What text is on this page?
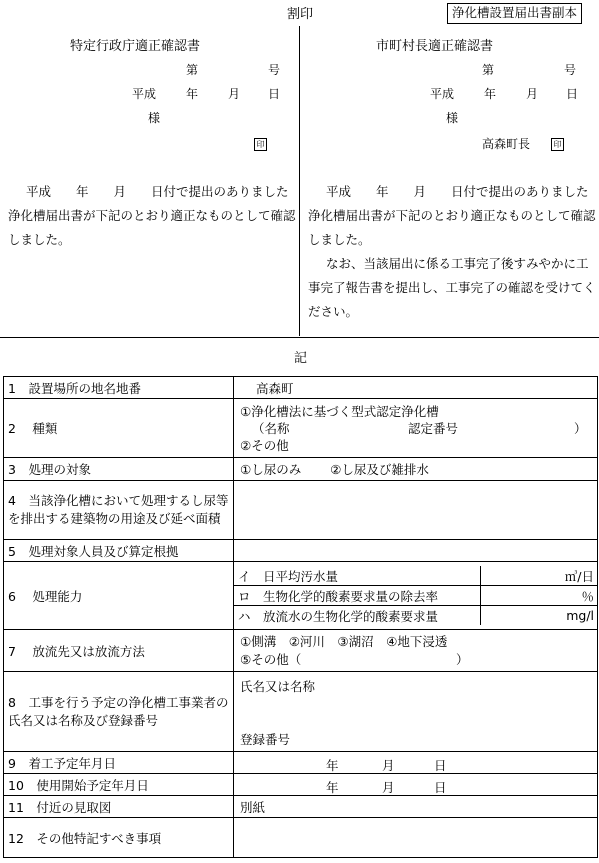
割印	浄化槽設置届出書副本
特定行政庁適正確認書
第	号
平成 年 月 日
様
印
平成　　年　　月　　日付で提出のありました浄化槽届出書が下記のとおり適正なものとして確認しました。
市町村長適正確認書
第	号
平成 年 月 日
様
高森町長	印
平成　　年　　月　　日付で提出のありました浄化槽届出書が下記のとおり適正なものとして確認しました。
なお、当該届出に係る工事完了後すみやかに工事完了報告書を提出し、工事完了の確認を受けてください。
記
1　設置場所の地名地番	高森町
2　 種類	
①浄化槽法に基づく型式認定浄化槽
（名称	認定番号	）
②その他

3　処理の対象	①し尿のみ　　 ②し尿及び雑排水
4　当該浄化槽において処理するし尿等を排出する建築物の用途及び延べ面積	
5　処理対象人員及び算定根拠	
6　 処理能力	
イ　日平均汚水量	㎥/日
ロ　生物化学的酸素要求量の除去率	％
ハ　放流水の生物化学的酸素要求量	mg/l

7　 放流先又は放流方法	
①側溝　②河川　③湖沼　④地下浸透
⑤その他（	）

8　工事を行う予定の浄化槽工事業者の氏名又は名称及び登録番号	
氏名又は名称
登録番号

9　着工予定年月日	年	月	日

10　使用開始予定年月日	年	月	日

11　付近の見取図	別紙
12　その他特記すべき事項	
